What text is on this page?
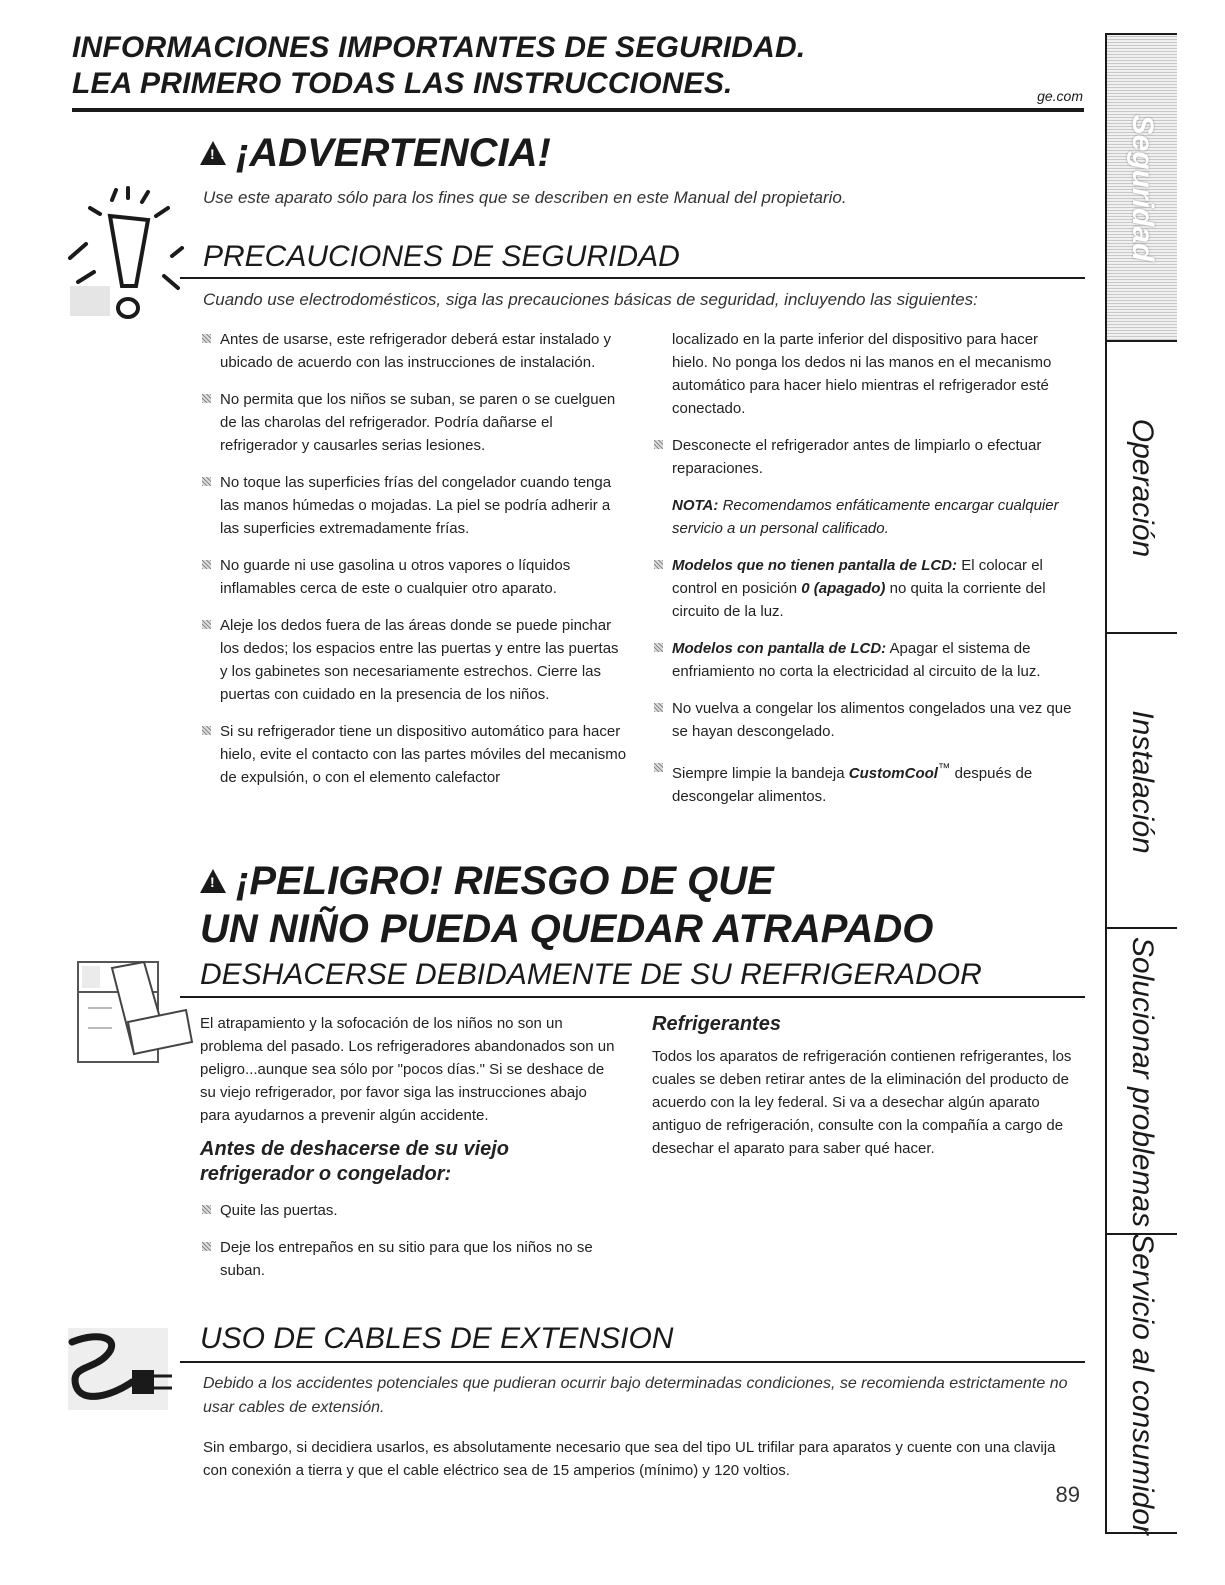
INFORMACIONES IMPORTANTES DE SEGURIDAD.
LEA PRIMERO TODAS LAS INSTRUCCIONES.	ge.com
!¡ADVERTENCIA!
Use este aparato sólo para los fines que se describen en este Manual del propietario.
PRECAUCIONES DE SEGURIDAD
Cuando use electrodomésticos, siga las precauciones básicas de seguridad, incluyendo las siguientes:

Antes de usarse, este refrigerador deberá estar instalado y ubicado de acuerdo con las instrucciones de instalación.

No permita que los niños se suban, se paren o se cuelguen de las charolas del refrigerador. Podría dañarse el refrigerador y causarles serias lesiones.

No toque las superficies frías del congelador cuando tenga las manos húmedas o mojadas. La piel se podría adherir a las superficies extremadamente frías.

No guarde ni use gasolina u otros vapores o líquidos inflamables cerca de este o cualquier otro aparato.

Aleje los dedos fuera de las áreas donde se puede pinchar los dedos; los espacios entre las puertas y entre las puertas y los gabinetes son necesariamente estrechos. Cierre las puertas con cuidado en la presencia de los niños.

Si su refrigerador tiene un dispositivo automático para hacer hielo, evite el contacto con las partes móviles del mecanismo de expulsión, o con el elemento calefactor

localizado en la parte inferior del dispositivo para hacer hielo. No ponga los dedos ni las manos en el mecanismo automático para hacer hielo mientras el refrigerador esté conectado.

Desconecte el refrigerador antes de limpiarlo o efectuar reparaciones.

NOTA: Recomendamos enfáticamente encargar cualquier servicio a un personal calificado.

Modelos que no tienen pantalla de LCD: El colocar el control en posición 0 (apagado) no quita la corriente del circuito de la luz.

Modelos con pantalla de LCD: Apagar el sistema de enfriamiento no corta la electricidad al circuito de la luz.

No vuelva a congelar los alimentos congelados una vez que se hayan descongelado.

Siempre limpie la bandeja CustomCool™ después de descongelar alimentos.

!¡PELIGRO! RIESGO DE QUE
UN NIÑO PUEDA QUEDAR ATRAPADO
DESHACERSE DEBIDAMENTE DE SU REFRIGERADOR

El atrapamiento y la sofocación de los niños no son un problema del pasado. Los refrigeradores abandonados son un peligro...aunque sea sólo por "pocos días." Si se deshace de su viejo refrigerador, por favor siga las instrucciones abajo para ayudarnos a prevenir algún accidente.

Antes de deshacerse de su viejo refrigerador o congelador:

Quite las puertas.

Deje los entrepaños en su sitio para que los niños no se suban.

Refrigerantes

Todos los aparatos de refrigeración contienen refrigerantes, los cuales se deben retirar antes de la eliminación del producto de acuerdo con la ley federal. Si va a desechar algún aparato antiguo de refrigeración, consulte con la compañía a cargo de desechar el aparato para saber qué hacer.

USO DE CABLES DE EXTENSION
Debido a los accidentes potenciales que pudieran ocurrir bajo determinadas condiciones, se recomienda estrictamente no usar cables de extensión.
Sin embargo, si decidiera usarlos, es absolutamente necesario que sea del tipo UL trifilar para aparatos y cuente con una clavija con conexión a tierra y que el cable eléctrico sea de 15 amperios (mínimo) y 120 voltios.
Seguridad
Operación
Instalación
Solucionar problemas
Servicio al consumidor
89
